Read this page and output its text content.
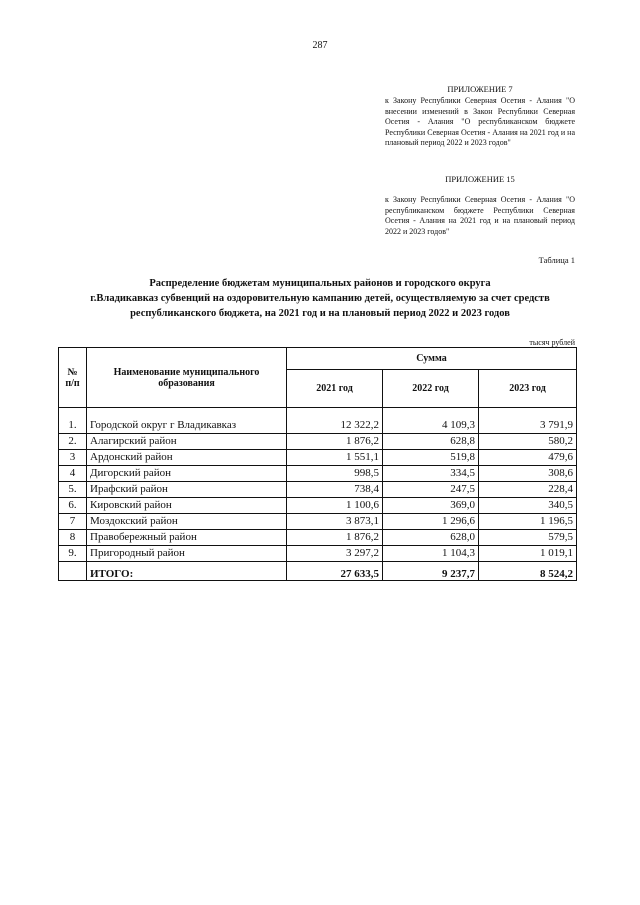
287
ПРИЛОЖЕНИЕ 7
к Закону Республики Северная Осетия - Алания "О внесении изменений в Закон Республики Северная Осетия - Алания "О республиканском бюджете Республики Северная Осетия - Алания на 2021 год и на плановый период 2022 и 2023 годов"
ПРИЛОЖЕНИЕ 15
к Закону Республики Северная Осетия - Алания "О республиканском бюджете Республики Северная Осетия - Алания на 2021 год и на плановый период 2022 и 2023 годов"
Таблица 1
Распределение бюджетам муниципальных районов и городского округа
г.Владикавказ субвенций на оздоровительную кампанию детей, осуществляемую за счет средств
республиканского бюджета, на 2021 год и на плановый период 2022 и 2023 годов
тысяч рублей
№ п/п	Наименование муниципального образования	Сумма		
		2021 год	2022 год	2023 год
1.	Городской округ г Владикавказ	12 322,2	4 109,3	3 791,9
2.	Алагирский район	1 876,2	628,8	580,2
3	Ардонский район	1 551,1	519,8	479,6
4	Дигорский район	998,5	334,5	308,6
5.	Ирафский район	738,4	247,5	228,4
6.	Кировский район	1 100,6	369,0	340,5
7	Моздокский район	3 873,1	1 296,6	1 196,5
8	Правобережный район	1 876,2	628,0	579,5
9.	Пригородный район	3 297,2	1 104,3	1 019,1
	ИТОГО:	27 633,5	9 237,7	8 524,2
